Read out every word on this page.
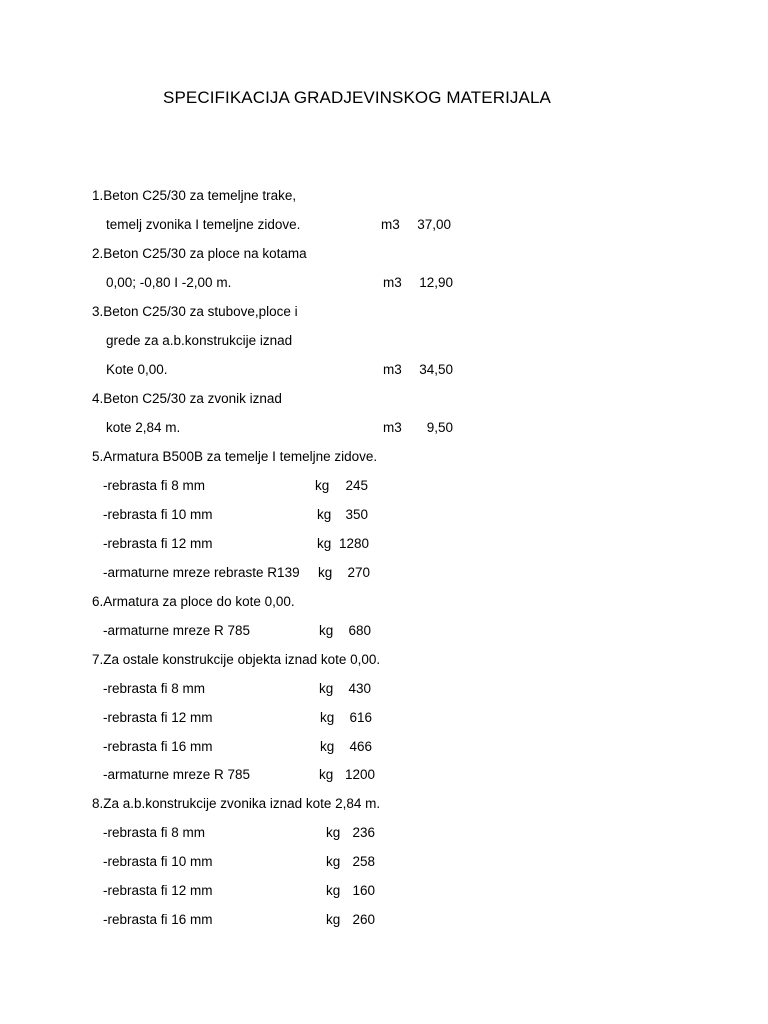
SPECIFIKACIJA GRADJEVINSKOG MATERIJALA
1.Beton C25/30 za temeljne trake,
temelj zvonika I temeljne zidove.	m3 37,00
2.Beton C25/30 za ploce na kotama
0,00; -0,80 I -2,00 m.	m3 12,90
3.Beton C25/30 za stubove,ploce i
grede za a.b.konstrukcije iznad
Kote 0,00.	m3 34,50
4.Beton C25/30 za zvonik iznad
kote 2,84 m.	m3 9,50
5.Armatura B500B za temelje I temeljne zidove.
-rebrasta fi 8 mm	kg 245
-rebrasta fi 10 mm	kg 350
-rebrasta fi 12 mm	kg 1280
-armaturne mreze rebraste R139 kg 270
6.Armatura za ploce do kote 0,00.
-armaturne mreze R 785	kg 680
7.Za ostale konstrukcije objekta iznad kote 0,00.
-rebrasta fi 8 mm	kg 430
-rebrasta fi 12 mm	kg 616
-rebrasta fi 16 mm	kg 466
-armaturne mreze R 785	kg 1200
8.Za a.b.konstrukcije zvonika iznad kote 2,84 m.
-rebrasta fi 8 mm	kg 236
-rebrasta fi 10 mm	kg 258
-rebrasta fi 12 mm	kg 160
-rebrasta fi 16 mm	kg 260
